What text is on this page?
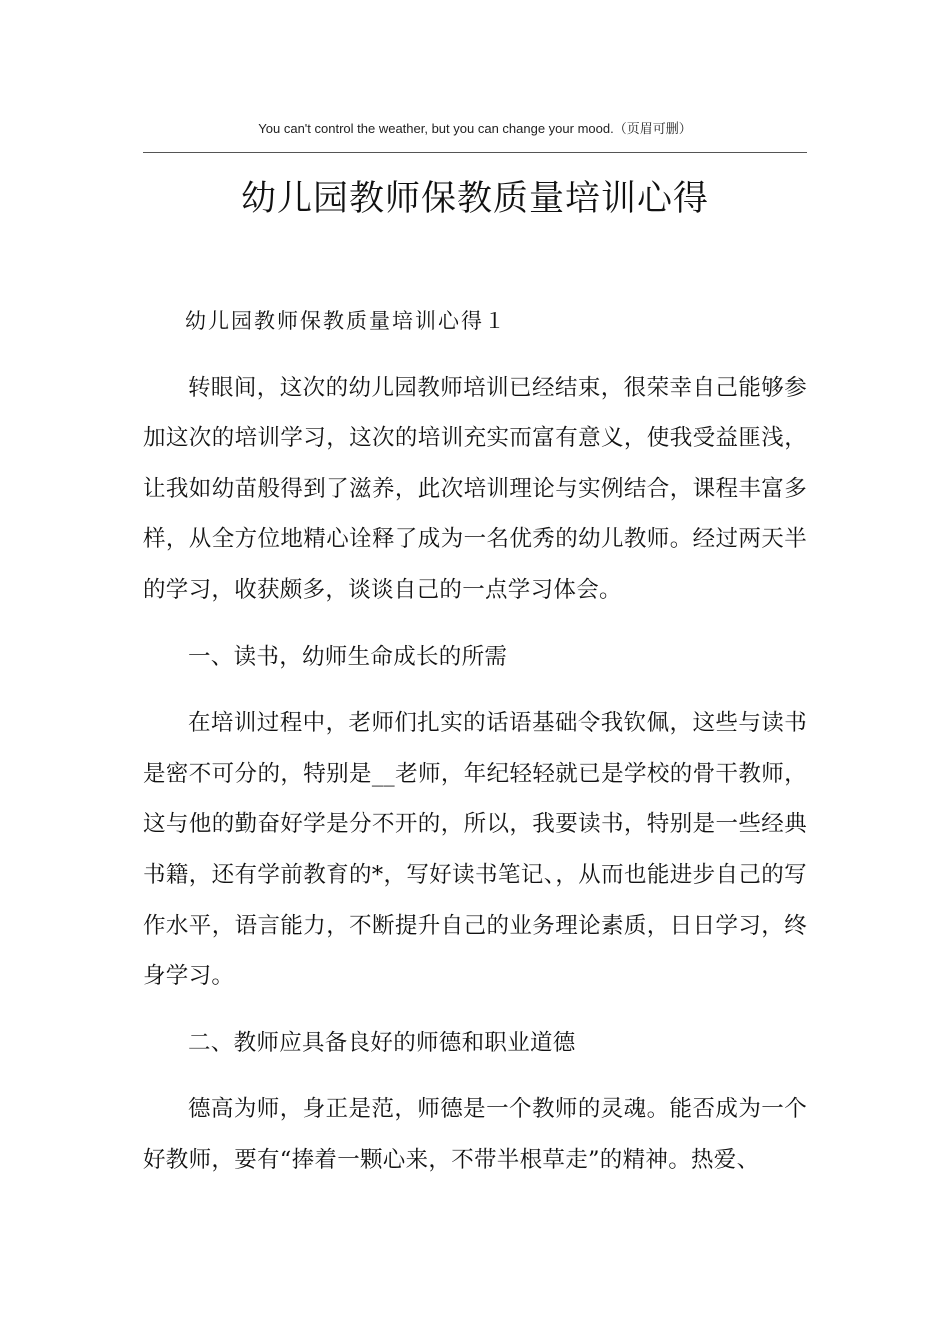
You can't control the weather, but you can change your mood.（页眉可删）
幼儿园教师保教质量培训心得

幼儿园教师保教质量培训心得１

转眼间，这次的幼儿园教师培训已经结束，很荣幸自己能够参加这次的培训学习，这次的培训充实而富有意义，使我受益匪浅，让我如幼苗般得到了滋养，此次培训理论与实例结合，课程丰富多样，从全方位地精心诠释了成为一名优秀的幼儿教师。经过两天半的学习，收获颇多，谈谈自己的一点学习体会。

一、读书，幼师生命成长的所需

在培训过程中，老师们扎实的话语基础令我钦佩，这些与读书是密不可分的，特别是__老师，年纪轻轻就已是学校的骨干教师，这与他的勤奋好学是分不开的，所以，我要读书，特别是一些经典书籍，还有学前教育的*，写好读书笔记、，从而也能进步自己的写作水平，语言能力，不断提升自己的业务理论素质，日日学习，终身学习。

二、教师应具备良好的师德和职业道德

德高为师，身正是范，师德是一个教师的灵魂。能否成为一个好教师，要有“捧着一颗心来，不带半根草走”的精神。热爱、
